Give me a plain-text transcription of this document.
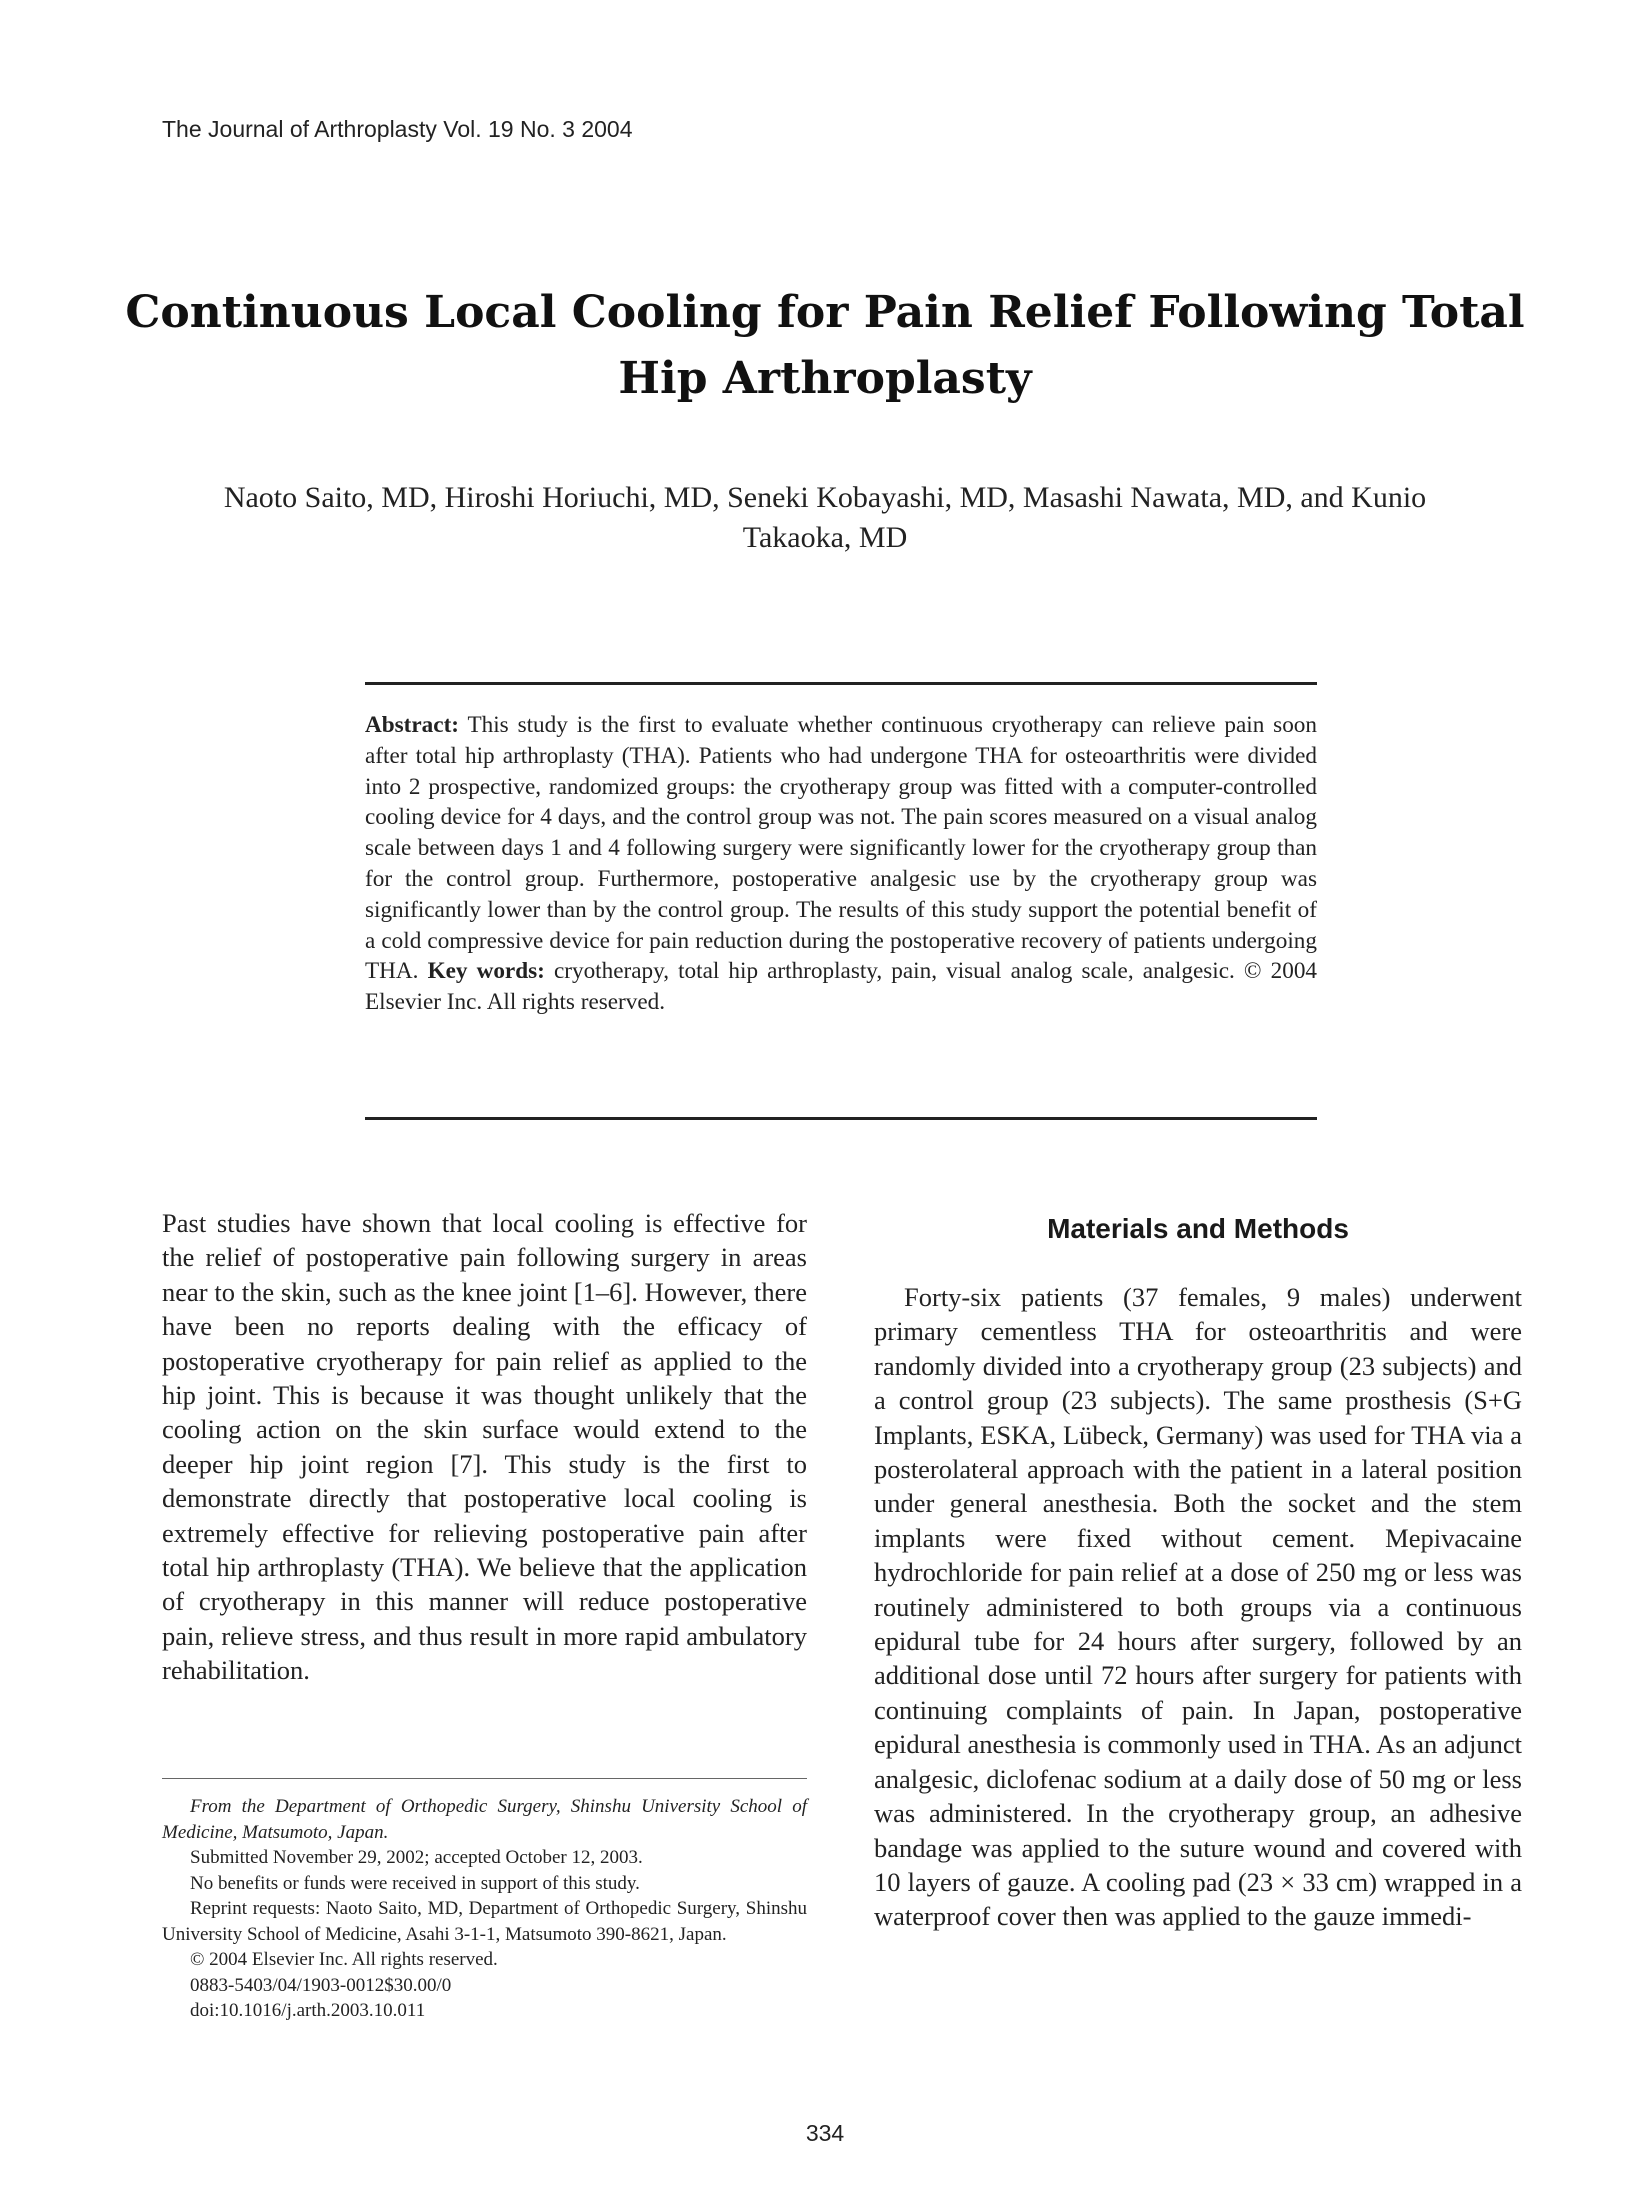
The Journal of Arthroplasty Vol. 19 No. 3 2004
Continuous Local Cooling for Pain Relief Following Total Hip Arthroplasty

Naoto Saito, MD, Hiroshi Horiuchi, MD, Seneki Kobayashi, MD, Masashi Nawata, MD, and Kunio Takaoka, MD

Abstract: This study is the first to evaluate whether continuous cryotherapy can relieve pain soon after total hip arthroplasty (THA). Patients who had undergone THA for osteoarthritis were divided into 2 prospective, randomized groups: the cryotherapy group was fitted with a computer-controlled cooling device for 4 days, and the control group was not. The pain scores measured on a visual analog scale between days 1 and 4 following surgery were significantly lower for the cryotherapy group than for the control group. Furthermore, postoperative analgesic use by the cryotherapy group was significantly lower than by the control group. The results of this study support the potential benefit of a cold compressive device for pain reduction during the postoperative recovery of patients undergoing THA. Key words: cryotherapy, total hip arthroplasty, pain, visual analog scale, analgesic. © 2004 Elsevier Inc. All rights reserved.

Past studies have shown that local cooling is effective for the relief of postoperative pain following surgery in areas near to the skin, such as the knee joint [1–6]. However, there have been no reports dealing with the efficacy of postoperative cryotherapy for pain relief as applied to the hip joint. This is because it was thought unlikely that the cooling action on the skin surface would extend to the deeper hip joint region [7]. This study is the first to demonstrate directly that postoperative local cooling is extremely effective for relieving postoperative pain after total hip arthroplasty (THA). We believe that the application of cryotherapy in this manner will reduce postoperative pain, relieve stress, and thus result in more rapid ambulatory rehabilitation.

Materials and Methods

Forty-six patients (37 females, 9 males) underwent primary cementless THA for osteoarthritis and were randomly divided into a cryotherapy group (23 subjects) and a control group (23 subjects). The same prosthesis (S+G Implants, ESKA, Lübeck, Germany) was used for THA via a posterolateral approach with the patient in a lateral position under general anesthesia. Both the socket and the stem implants were fixed without cement. Mepivacaine hydrochloride for pain relief at a dose of 250 mg or less was routinely administered to both groups via a continuous epidural tube for 24 hours after surgery, followed by an additional dose until 72 hours after surgery for patients with continuing complaints of pain. In Japan, postoperative epidural anesthesia is commonly used in THA. As an adjunct analgesic, diclofenac sodium at a daily dose of 50 mg or less was administered. In the cryotherapy group, an adhesive bandage was applied to the suture wound and covered with 10 layers of gauze. A cooling pad (23 × 33 cm) wrapped in a waterproof cover then was applied to the gauze immedi-

From the Department of Orthopedic Surgery, Shinshu University School of Medicine, Matsumoto, Japan.

Submitted November 29, 2002; accepted October 12, 2003.

No benefits or funds were received in support of this study.

Reprint requests: Naoto Saito, MD, Department of Orthopedic Surgery, Shinshu University School of Medicine, Asahi 3-1-1, Matsumoto 390-8621, Japan.

© 2004 Elsevier Inc. All rights reserved.

0883-5403/04/1903-0012$30.00/0

doi:10.1016/j.arth.2003.10.011

334
